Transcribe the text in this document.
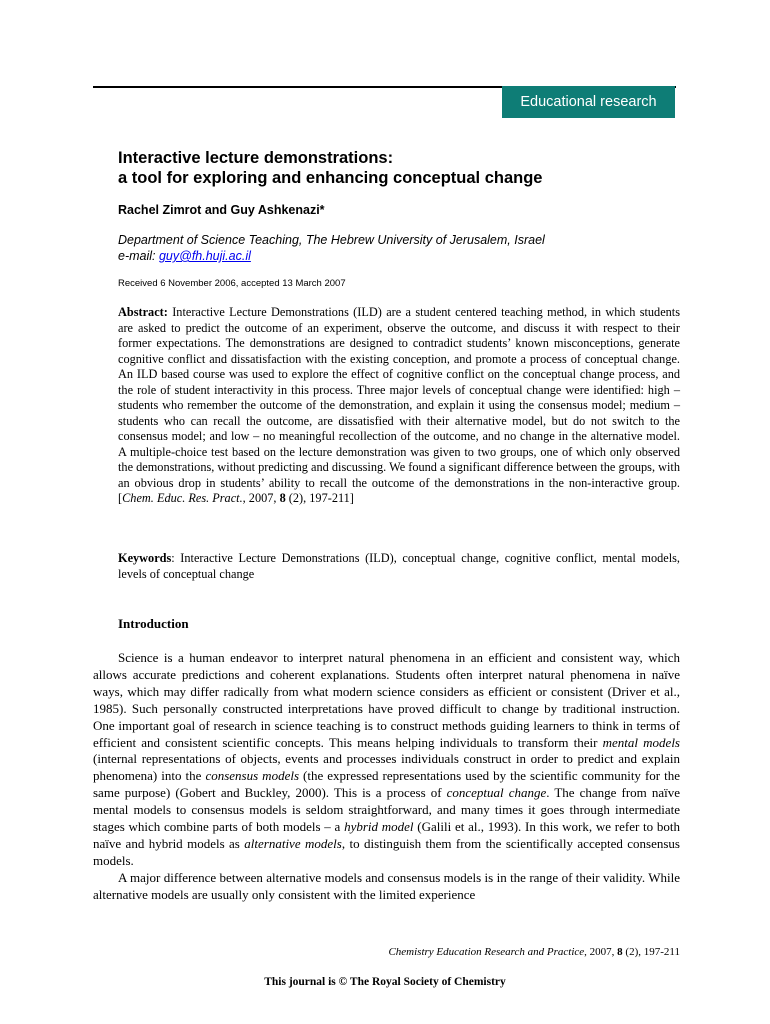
Educational research
Interactive lecture demonstrations:
a tool for exploring and enhancing conceptual change
Rachel Zimrot and Guy Ashkenazi*
Department of Science Teaching, The Hebrew University of Jerusalem, Israel
e-mail: guy@fh.huji.ac.il
Received 6 November 2006, accepted 13 March 2007

Abstract: Interactive Lecture Demonstrations (ILD) are a student centered teaching method, in which students are asked to predict the outcome of an experiment, observe the outcome, and discuss it with respect to their former expectations. The demonstrations are designed to contradict students’ known misconceptions, generate cognitive conflict and dissatisfaction with the existing conception, and promote a process of conceptual change. An ILD based course was used to explore the effect of cognitive conflict on the conceptual change process, and the role of student interactivity in this process. Three major levels of conceptual change were identified: high – students who remember the outcome of the demonstration, and explain it using the consensus model; medium – students who can recall the outcome, are dissatisfied with their alternative model, but do not switch to the consensus model; and low – no meaningful recollection of the outcome, and no change in the alternative model. A multiple-choice test based on the lecture demonstration was given to two groups, one of which only observed the demonstrations, without predicting and discussing. We found a significant difference between the groups, with an obvious drop in students’ ability to recall the outcome of the demonstrations in the non-interactive group. [Chem. Educ. Res. Pract., 2007, 8 (2), 197-211]

Keywords: Interactive Lecture Demonstrations (ILD), conceptual change, cognitive conflict, mental models, levels of conceptual change

Introduction

Science is a human endeavor to interpret natural phenomena in an efficient and consistent way, which allows accurate predictions and coherent explanations. Students often interpret natural phenomena in naïve ways, which may differ radically from what modern science considers as efficient or consistent (Driver et al., 1985). Such personally constructed interpretations have proved difficult to change by traditional instruction. One important goal of research in science teaching is to construct methods guiding learners to think in terms of efficient and consistent scientific concepts. This means helping individuals to transform their mental models (internal representations of objects, events and processes individuals construct in order to predict and explain phenomena) into the consensus models (the expressed representations used by the scientific community for the same purpose) (Gobert and Buckley, 2000). This is a process of conceptual change. The change from naïve mental models to consensus models is seldom straightforward, and many times it goes through intermediate stages which combine parts of both models – a hybrid model (Galili et al., 1993). In this work, we refer to both naïve and hybrid models as alternative models, to distinguish them from the scientifically accepted consensus models.

A major difference between alternative models and consensus models is in the range of their validity. While alternative models are usually only consistent with the limited experience

Chemistry Education Research and Practice, 2007, 8 (2), 197-211
This journal is © The Royal Society of Chemistry
